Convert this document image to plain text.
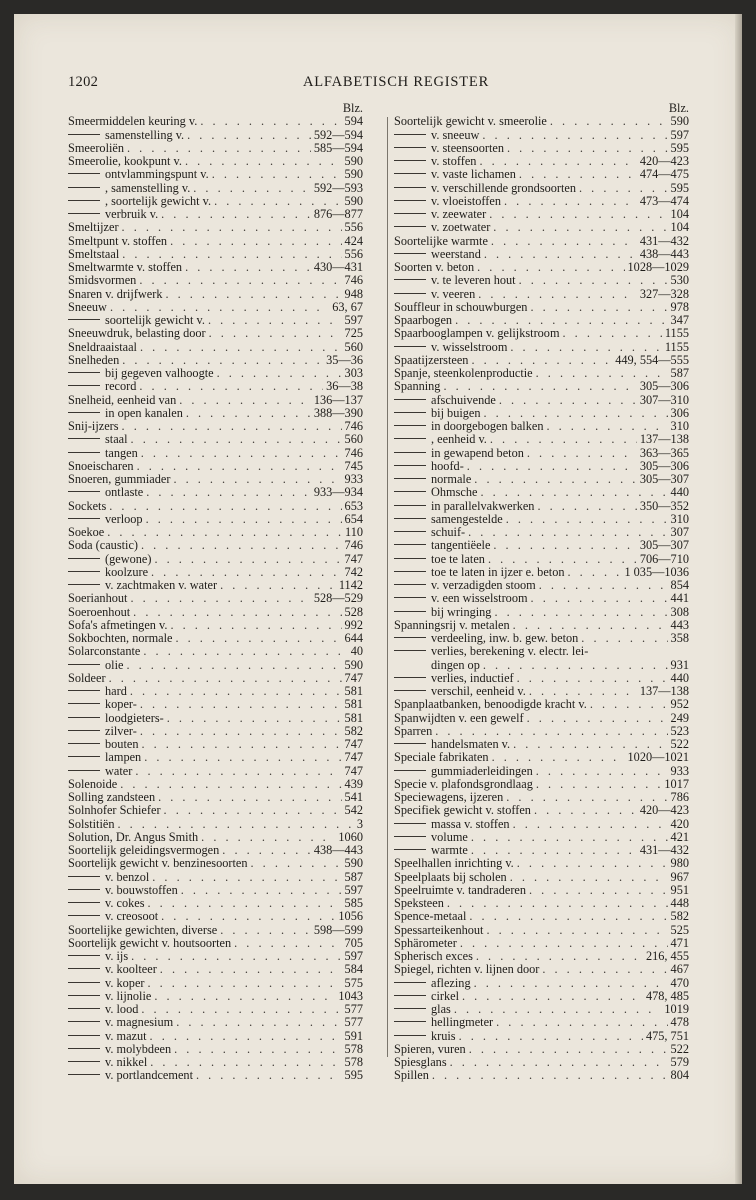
1202	ALFABETISCH REGISTER
Blz.
Smeermiddelen keuring v. . . .	594
samenstelling v. . . .	592—594
Smeeroliën . . .	585—594
Smeerolie, kookpunt v. . . .	590
ontvlammingspunt v. . . .	590
, samenstelling v. . . .	592—593
, soortelijk gewicht v. . . .	590
verbruik v. . . .	876—877
Smeltijzer . . .	556
Smeltpunt v. stoffen . . .	424
Smeltstaal . . .	556
Smeltwarmte v. stoffen . . .	430—431
Smidsvormen . . .	746
Snaren v. drijfwerk . . .	948
Sneeuw . . .	63, 67
soortelijk gewicht v. . . .	597
Sneeuwdruk, belasting door . . .	725
Sneldraaistaal . . .	560
Snelheden . . .	35—36
bij gegeven valhoogte . . .	303
record . . .	36—38
Snelheid, eenheid van . . .	136—137
in open kanalen . . .	388—390
Snij-ijzers . . .	746
staal . . .	560
tangen . . .	746
Snoeischaren . . .	745
Snoeren, gummiader . . .	933
ontlaste . . .	933—934
Sockets . . .	653
verloop . . .	654
Soekoe . . .	110
Soda (caustic) . . .	746
(gewone) . . .	747
koolzure . . .	742
v. zachtmaken v. water . . .	1142
Soerianhout . . .	528—529
Soeroenhout . . .	528
Sofa's afmetingen v. . . .	992
Sokbochten, normale . . .	644
Solarconstante . . .	40
olie . . .	590
Soldeer . . .	747
hard . . .	581
koper- . . .	581
loodgieters- . . .	581
zilver- . . .	582
bouten . . .	747
lampen . . .	747
water . . .	747
Solenoide . . .	439
Solling zandsteen . . .	541
Solnhofer Schiefer . . .	542
Solstitiën . . .	3
Solution, Dr. Angus Smith . . .	1060
Soortelijk geleidingsvermogen . . .	438—443
Soortelijk gewicht v. benzinesoorten . . .	590
v. benzol . . .	587
v. bouwstoffen . . .	597
v. cokes . . .	585
v. creosoot . . .	1056
Soortelijke gewichten, diverse . . .	598—599
Soortelijk gewicht v. houtsoorten . . .	705
v. ijs . . .	597
v. koolteer . . .	584
v. koper . . .	575
v. lijnolie . . .	1043
v. lood . . .	577
v. magnesium . . .	577
v. mazut . . .	591
v. molybdeen . . .	578
v. nikkel . . .	578
v. portlandcement . . .	595
Blz.
Soortelijk gewicht v. smeerolie . . .	590
v. sneeuw . . .	597
v. steensoorten . . .	595
v. stoffen . . .	420—423
v. vaste lichamen . . .	474—475
v. verschillende grondsoorten . . .	595
v. vloeistoffen . . .	473—474
v. zeewater . . .	104
v. zoetwater . . .	104
Soortelijke warmte . . .	431—432
weerstand . . .	438—443
Soorten v. beton . . .	1028—1029
v. te leveren hout . . .	530
v. veeren . . .	327—328
Souffleur in schouwburgen . . .	978
Spaarbogen . . .	347
Spaarbooglampen v. gelijkstroom . . .	1155
v. wisselstroom . . .	1155
Spaatijzersteen . . .	449, 554—555
Spanje, steenkolenproductie . . .	587
Spanning . . .	305—306
afschuivende . . .	307—310
bij buigen . . .	306
in doorgebogen balken . . .	310
, eenheid v. . . .	137—138
in gewapend beton . . .	363—365
hoofd- . . .	305—306
normale . . .	305—307
Ohmsche . . .	440
in parallelvakwerken . . .	350—352
samengestelde . . .	310
schuif- . . .	307
tangentiëele . . .	305—307
toe te laten . . .	706—710
toe te laten in ijzer e. beton . . .	1 035—1036
v. verzadigden stoom . . .	854
v. een wisselstroom . . .	441
bij wringing . . .	308
Spanningsrij v. metalen . . .	443
verdeeling, inw. b. gew. beton . . .	358
verlies, berekening v. electr. lei-
dingen op . . .	931
verlies, inductief . . .	440
verschil, eenheid v. . . .	137—138
Spanplaatbanken, benoodigde kracht v. . . .	952
Spanwijdten v. een gewelf . . .	249
Sparren . . .	523
handelsmaten v. . . .	522
Speciale fabrikaten . . .	1020—1021
gummiaderleidingen . . .	933
Specie v. plafondsgrondlaag . . .	1017
Speciewagens, ijzeren . . .	786
Specifiek gewicht v. stoffen . . .	420—423
massa v. stoffen . . .	420
volume . . .	421
warmte . . .	431—432
Speelhallen inrichting v. . . .	980
Speelplaats bij scholen . . .	967
Speelruimte v. tandraderen . . .	951
Speksteen . . .	448
Spence-metaal . . .	582
Spessarteikenhout . . .	525
Sphärometer . . .	471
Spherisch exces . . .	216, 455
Spiegel, richten v. lijnen door . . .	467
aflezing . . .	470
cirkel . . .	478, 485
glas . . .	1019
hellingmeter . . .	478
kruis . . .	475, 751
Spieren, vuren . . .	522
Spiesglans . . .	579
Spillen . . .	804
